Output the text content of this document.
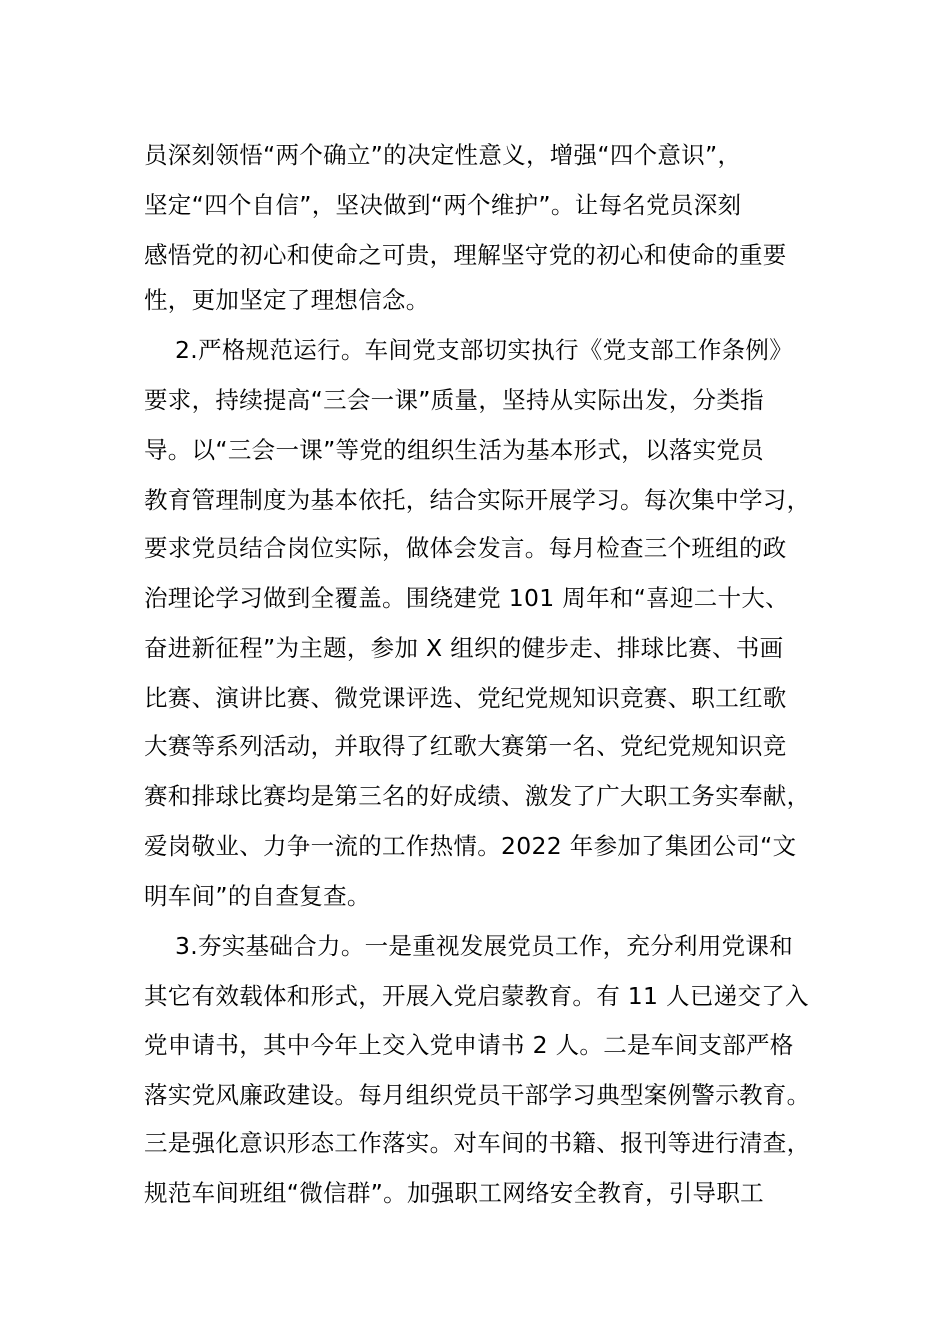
员深刻领悟“两个确立”的决定性意义，增强“四个意识”，
坚定“四个自信”，坚决做到“两个维护”。让每名党员深刻
感悟党的初心和使命之可贵，理解坚守党的初心和使命的重要
性，更加坚定了理想信念。
2.严格规范运行。车间党支部切实执行《党支部工作条例》
要求，持续提高“三会一课”质量，坚持从实际出发，分类指
导。以“三会一课”等党的组织生活为基本形式，以落实党员
教育管理制度为基本依托，结合实际开展学习。每次集中学习，
要求党员结合岗位实际，做体会发言。每月检查三个班组的政
治理论学习做到全覆盖。围绕建党 101 周年和“喜迎二十大、
奋进新征程”为主题，参加 X 组织的健步走、排球比赛、书画
比赛、演讲比赛、微党课评选、党纪党规知识竞赛、职工红歌
大赛等系列活动，并取得了红歌大赛第一名、党纪党规知识竞
赛和排球比赛均是第三名的好成绩、激发了广大职工务实奉献，
爱岗敬业、力争一流的工作热情。2022 年参加了集团公司“文
明车间”的自查复查。
3.夯实基础合力。一是重视发展党员工作，充分利用党课和
其它有效载体和形式，开展入党启蒙教育。有 11 人已递交了入
党申请书，其中今年上交入党申请书 2 人。二是车间支部严格
落实党风廉政建设。每月组织党员干部学习典型案例警示教育。
三是强化意识形态工作落实。对车间的书籍、报刊等进行清查，
规范车间班组“微信群”。加强职工网络安全教育，引导职工
